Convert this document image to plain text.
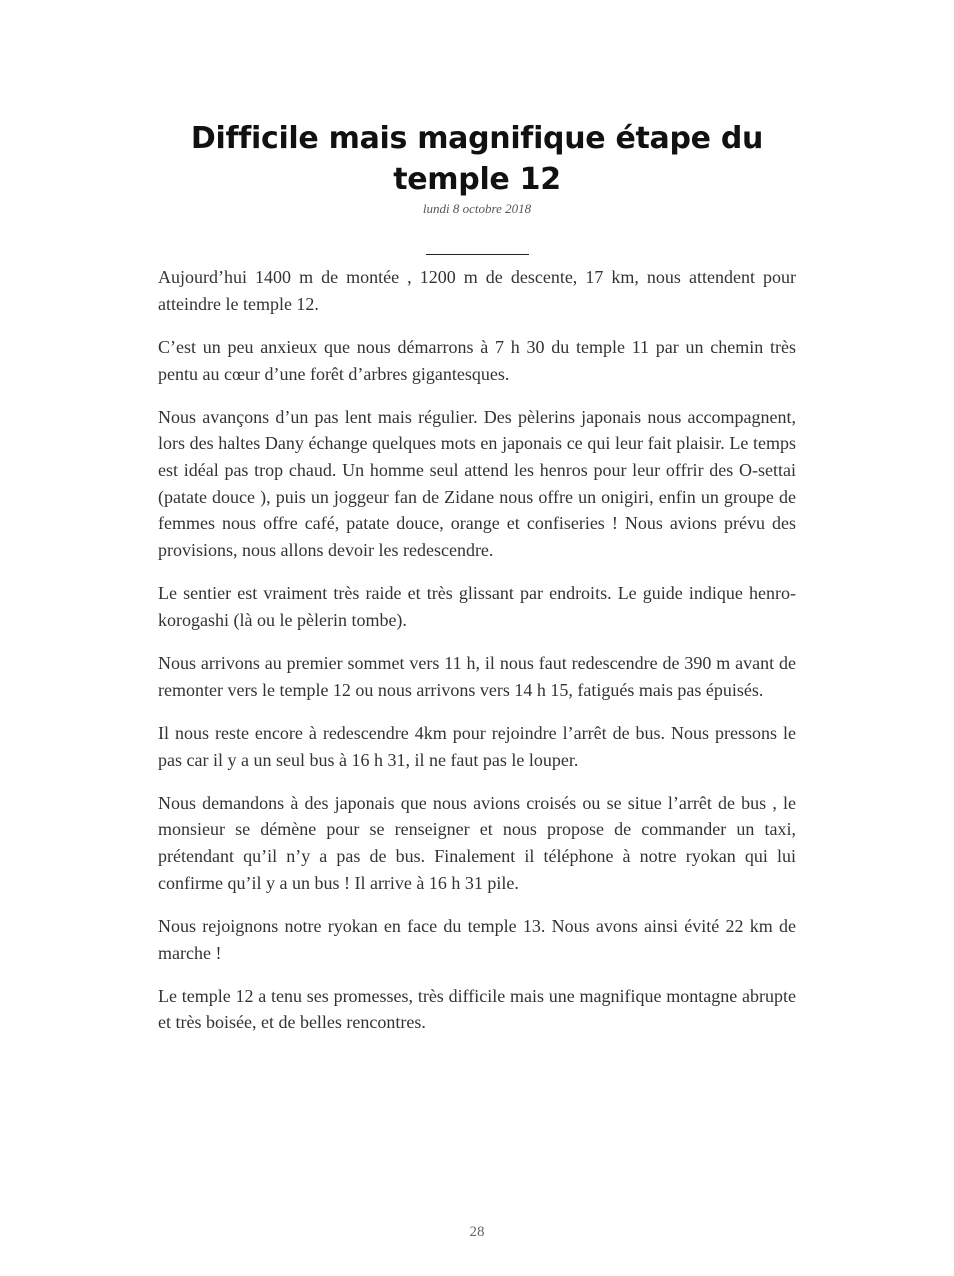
Difficile mais magnifique étape du temple 12
lundi 8 octobre 2018

Aujourd’hui 1400 m de montée , 1200 m de descente, 17 km, nous attendent pour atteindre le temple 12.

C’est un peu anxieux que nous démarrons à 7 h 30 du temple 11 par un chemin très pentu au cœur d’une forêt d’arbres gigantesques.

Nous avançons d’un pas lent mais régulier. Des pèlerins japonais nous accompagnent, lors des haltes Dany échange quelques mots en japonais ce qui leur fait plaisir. Le temps est idéal pas trop chaud. Un homme seul attend les henros pour leur offrir des O-settai (patate douce ), puis un joggeur fan de Zidane nous offre un onigiri, enfin un groupe de femmes nous offre café, patate douce, orange et confiseries ! Nous avions prévu des provisions, nous allons devoir les redescendre.

Le sentier est vraiment très raide et très glissant par endroits. Le guide indique henro-korogashi (là ou le pèlerin tombe).

Nous arrivons au premier sommet vers 11 h, il nous faut redescendre de 390 m avant de remonter vers le temple 12 ou nous arrivons vers 14 h 15, fatigués mais pas épuisés.

Il nous reste encore à redescendre 4km pour rejoindre l’arrêt de bus. Nous pressons le pas car il y a un seul bus à 16 h 31, il ne faut pas le louper.

Nous demandons à des japonais que nous avions croisés ou se situe l’arrêt de bus , le monsieur se démène pour se renseigner et nous propose de commander un taxi, prétendant qu’il n’y a pas de bus. Finalement il téléphone à notre ryokan qui lui confirme qu’il y a un bus ! Il arrive à 16 h 31 pile.

Nous rejoignons notre ryokan en face du temple 13. Nous avons ainsi évité 22 km de marche !

Le temple 12 a tenu ses promesses, très difficile mais une magnifique montagne abrupte et très boisée, et de belles rencontres.

28
